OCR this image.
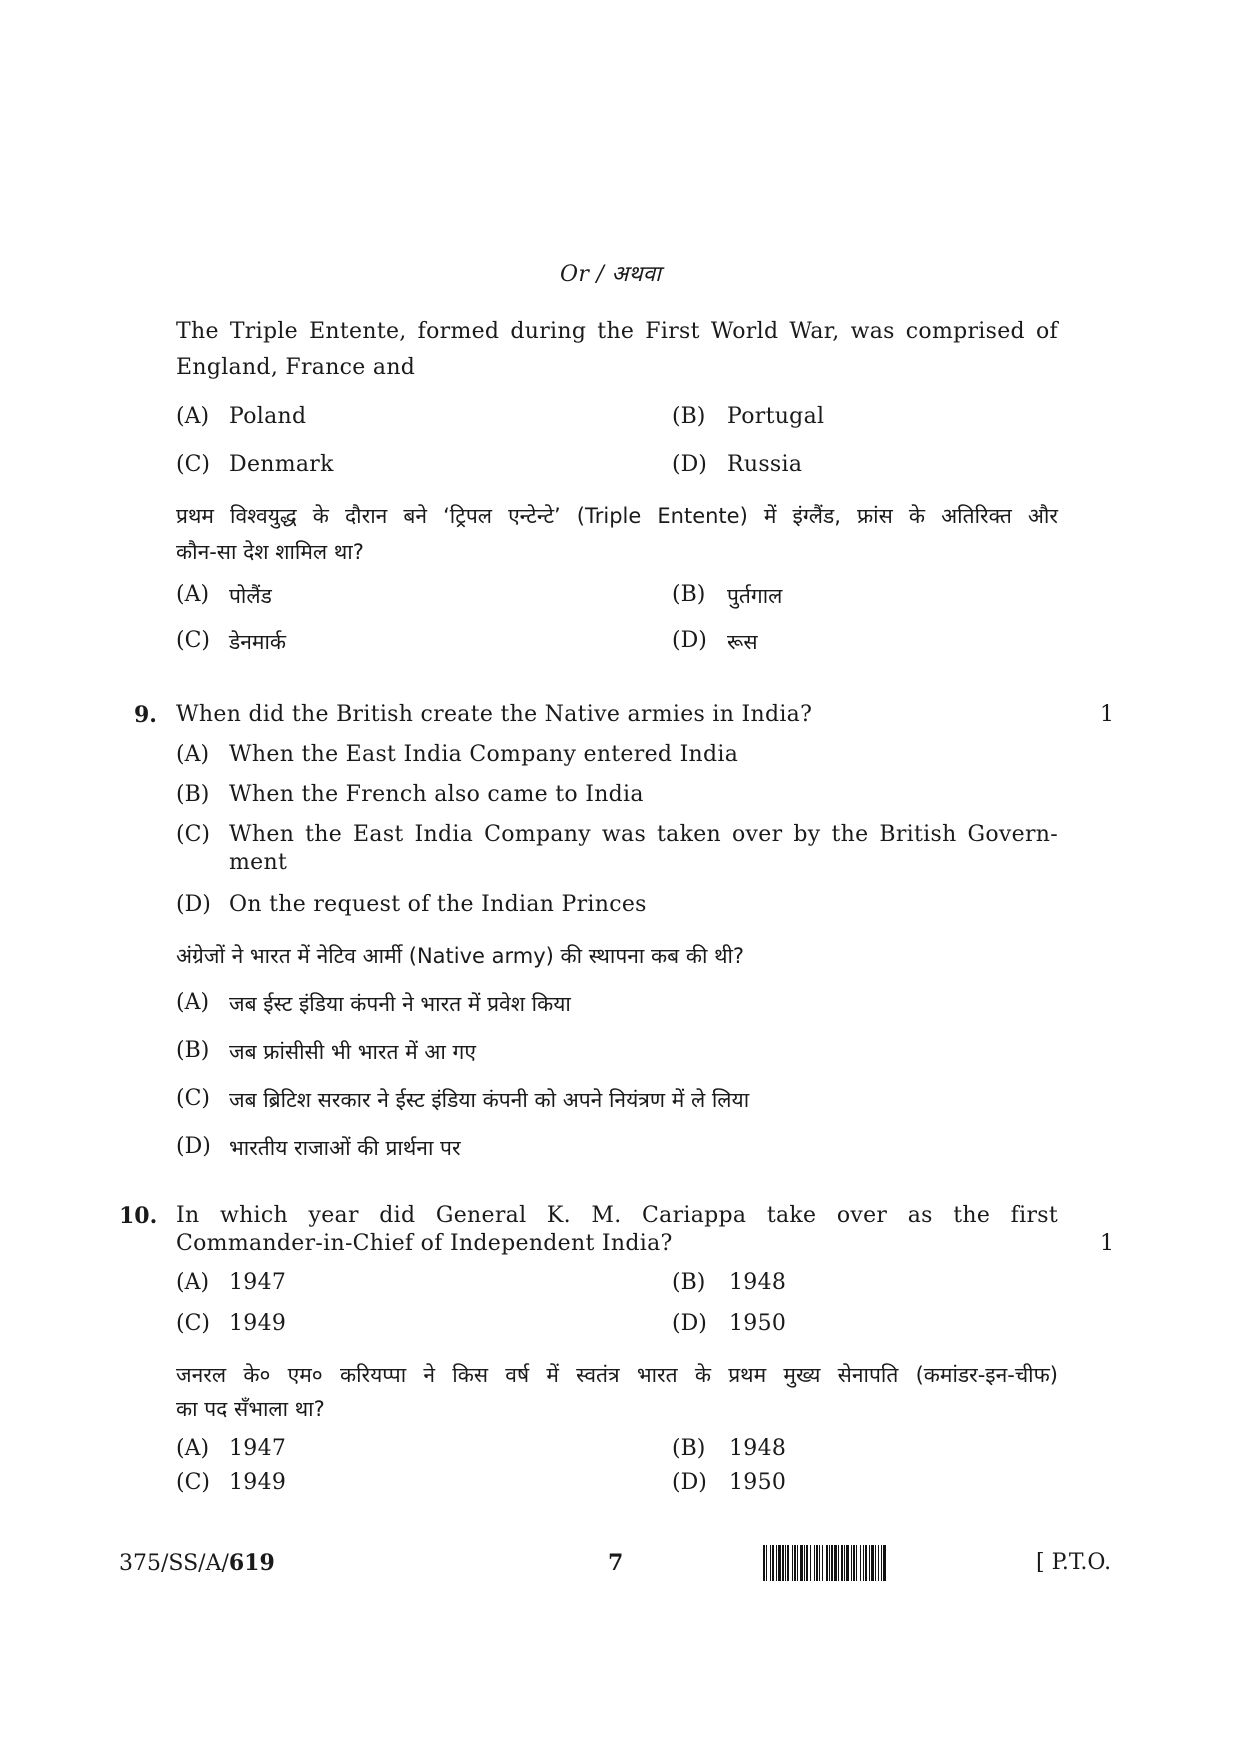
Or / अथवा
The Triple Entente, formed during the First World War, was comprised of
England, France and
(A) Poland	(B) Portugal
(C) Denmark	(D) Russia
प्रथम विश्वयुद्ध के दौरान बने ‘ट्रिपल एन्टेन्टे’ (Triple Entente) में इंग्लैंड, फ्रांस के अतिरिक्त और
कौन-सा देश शामिल था?
(A) पोलैंड	(B) पुर्तगाल
(C) डेनमार्क	(D) रूस
9. When did the British create the Native armies in India?	1
(A) When the East India Company entered India
(B) When the French also came to India
(C) When the East India Company was taken over by the British Govern-
ment
(D) On the request of the Indian Princes
अंग्रेजों ने भारत में नेटिव आर्मी (Native army) की स्थापना कब की थी?
(A) जब ईस्ट इंडिया कंपनी ने भारत में प्रवेश किया
(B) जब फ्रांसीसी भी भारत में आ गए
(C) जब ब्रिटिश सरकार ने ईस्ट इंडिया कंपनी को अपने नियंत्रण में ले लिया
(D) भारतीय राजाओं की प्रार्थना पर
10. In which year did General K. M. Cariappa take over as the first
Commander-in-Chief of Independent India?	1
(A) 1947	(B) 1948
(C) 1949	(D) 1950
जनरल के० एम० करियप्पा ने किस वर्ष में स्वतंत्र भारत के प्रथम मुख्य सेनापति (कमांडर-इन-चीफ)
का पद सँभाला था?
(A) 1947	(B) 1948
(C) 1949	(D) 1950
375/SS/A/619	7	[ P.T.O.
